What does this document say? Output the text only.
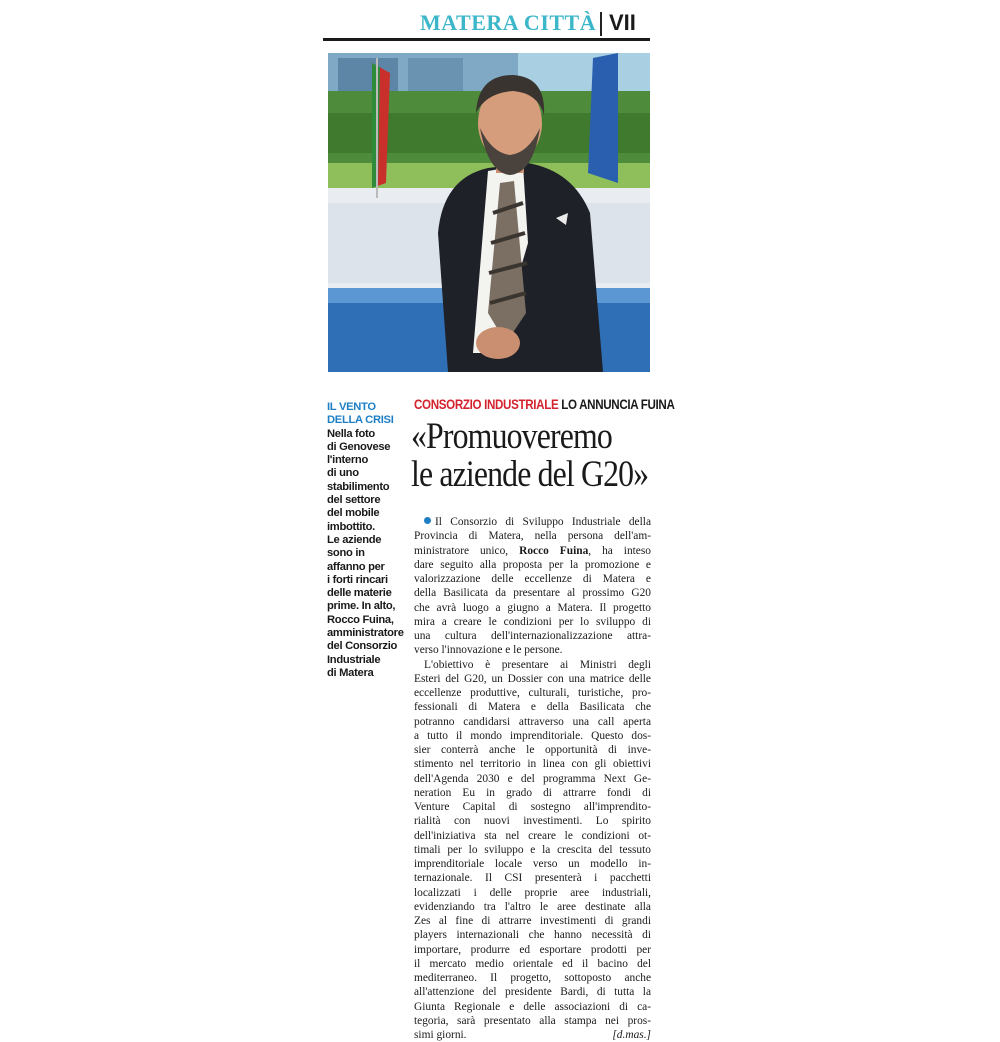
MATERA CITTÀ VII
IL VENTO
DELLA CRISI
Nella foto
di Genovese
l'interno
di uno
stabilimento
del settore
del mobile
imbottito.
Le aziende
sono in
affanno per
i forti rincari
delle materie
prime. In alto,
Rocco Fuina,
amministratore
del Consorzio
Industriale
di Matera
CONSORZIO INDUSTRIALE LO ANNUNCIA FUINA
«Promuoveremo
le aziende del G20»
Il Consorzio di Sviluppo Industriale della
Provincia di Matera, nella persona dell'am-
ministratore unico, Rocco Fuina, ha inteso
dare seguito alla proposta per la promozione e
valorizzazione delle eccellenze di Matera e
della Basilicata da presentare al prossimo G20
che avrà luogo a giugno a Matera. Il progetto
mira a creare le condizioni per lo sviluppo di
una cultura dell'internazionalizzazione attra-
verso l'innovazione e le persone.
L'obiettivo è presentare ai Ministri degli
Esteri del G20, un Dossier con una matrice delle
eccellenze produttive, culturali, turistiche, pro-
fessionali di Matera e della Basilicata che
potranno candidarsi attraverso una call aperta
a tutto il mondo imprenditoriale. Questo dos-
sier conterrà anche le opportunità di inve-
stimento nel territorio in linea con gli obiettivi
dell'Agenda 2030 e del programma Next Ge-
neration Eu in grado di attrarre fondi di
Venture Capital di sostegno all'imprendito-
rialità con nuovi investimenti. Lo spirito
dell'iniziativa sta nel creare le condizioni ot-
timali per lo sviluppo e la crescita del tessuto
imprenditoriale locale verso un modello in-
ternazionale. Il CSI presenterà i pacchetti
localizzati i delle proprie aree industriali,
evidenziando tra l'altro le aree destinate alla
Zes al fine di attrarre investimenti di grandi
players internazionali che hanno necessità di
importare, produrre ed esportare prodotti per
il mercato medio orientale ed il bacino del
mediterraneo. Il progetto, sottoposto anche
all'attenzione del presidente Bardi, di tutta la
Giunta Regionale e delle associazioni di ca-
tegoria, sarà presentato alla stampa nei pros-
simi giorni.	[d.mas.]
